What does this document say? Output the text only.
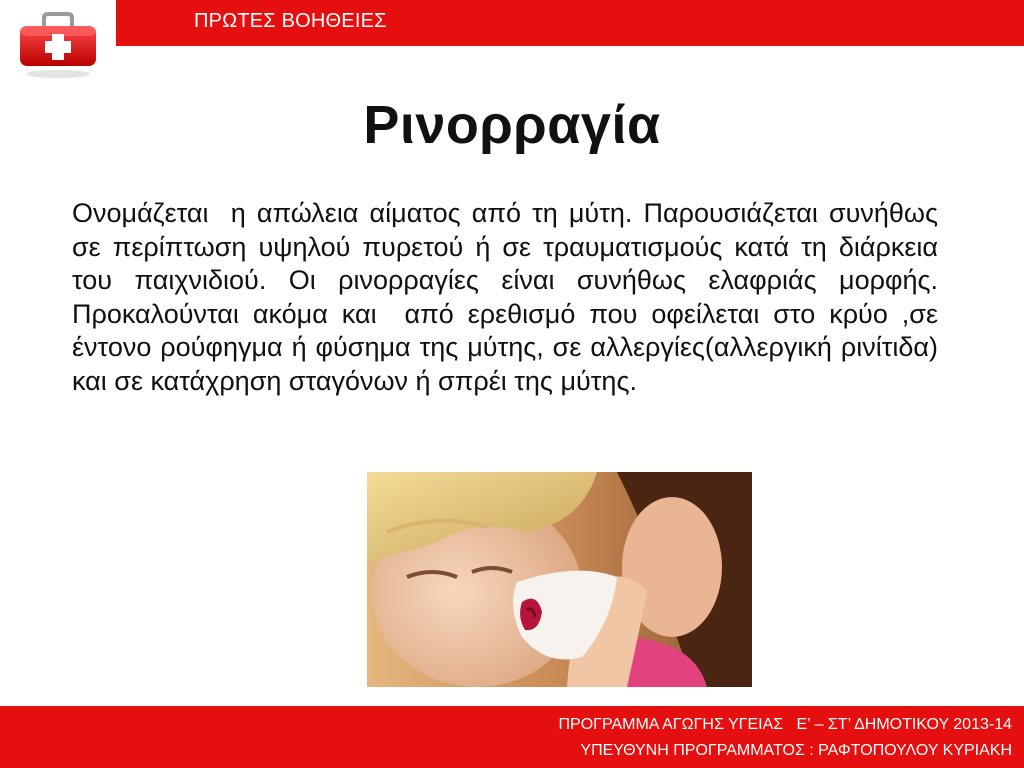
ΠΡΩΤΕΣ ΒΟΗΘΕΙΕΣ
Ρινορραγία

Ονομάζεται  η απώλεια αίματος από τη μύτη. Παρουσιάζεται συνήθως σε περίπτωση υψηλού πυρετού ή σε τραυματισμούς κατά τη διάρκεια του παιχνιδιού. Οι ρινορραγίες είναι συνήθως ελαφριάς μορφής. Προκαλούνται ακόμα και  από ερεθισμό που οφείλεται στο κρύο ,σε έντονο ρούφηγμα ή φύσημα της μύτης, σε αλλεργίες(αλλεργική ρινίτιδα) και σε κατάχρηση σταγόνων ή σπρέι της μύτης.

ΠΡΟΓΡΑΜΜΑ ΑΓΩΓΗΣ ΥΓΕΙΑΣ   Ε’ – ΣΤ’ ΔΗΜΟΤΙΚΟΥ 2013-14
ΥΠΕΥΘΥΝΗ ΠΡΟΓΡΑΜΜΑΤΟΣ : ΡΑΦΤΟΠΟΥΛΟΥ ΚΥΡΙΑΚΗ
